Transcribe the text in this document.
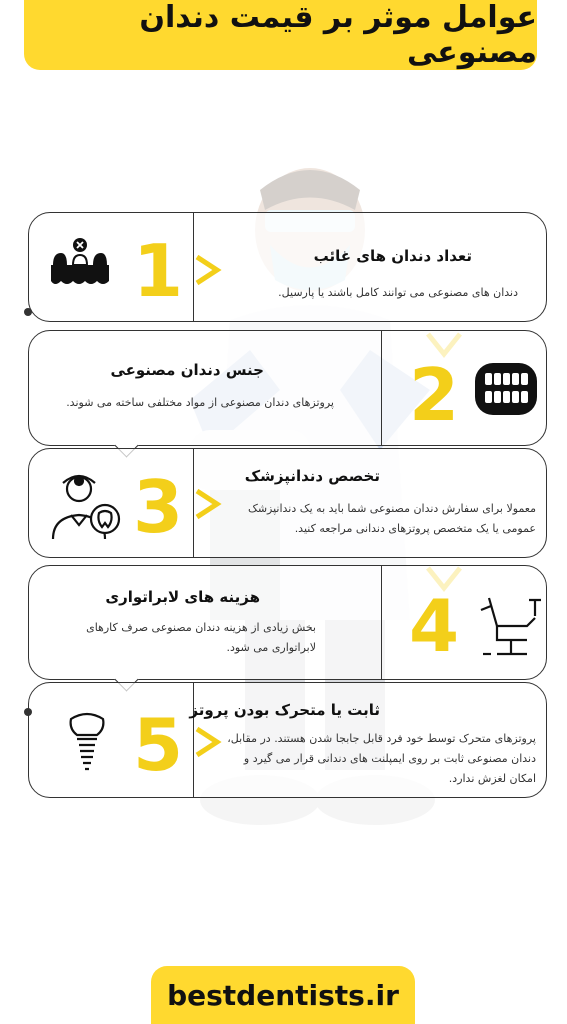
عوامل موثر بر قیمت دندان مصنوعی
1	تعداد دندان های غائب

دندان های مصنوعی می توانند کامل باشند یا پارسیل.

جنس دندان مصنوعی

پروتزهای دندان مصنوعی از مواد مختلفی ساخته می شوند. 2
3	تخصص دندانپزشک

معمولا برای سفارش دندان مصنوعی شما باید به یک دندانپزشک عمومی یا یک متخصص پروتزهای دندانی مراجعه کنید.

هزینه های لابراتواری

بخش زیادی از هزینه دندان مصنوعی صرف کارهای لابراتواری می شود. 4
5 ثابت یا متحرک بودن پروتز

پروتزهای متحرک توسط خود فرد قابل جابجا شدن هستند. در مقابل، دندان مصنوعی ثابت بر روی ایمپلنت های دندانی قرار می گیرد و امکان لغزش ندارد.

bestdentists.ir
